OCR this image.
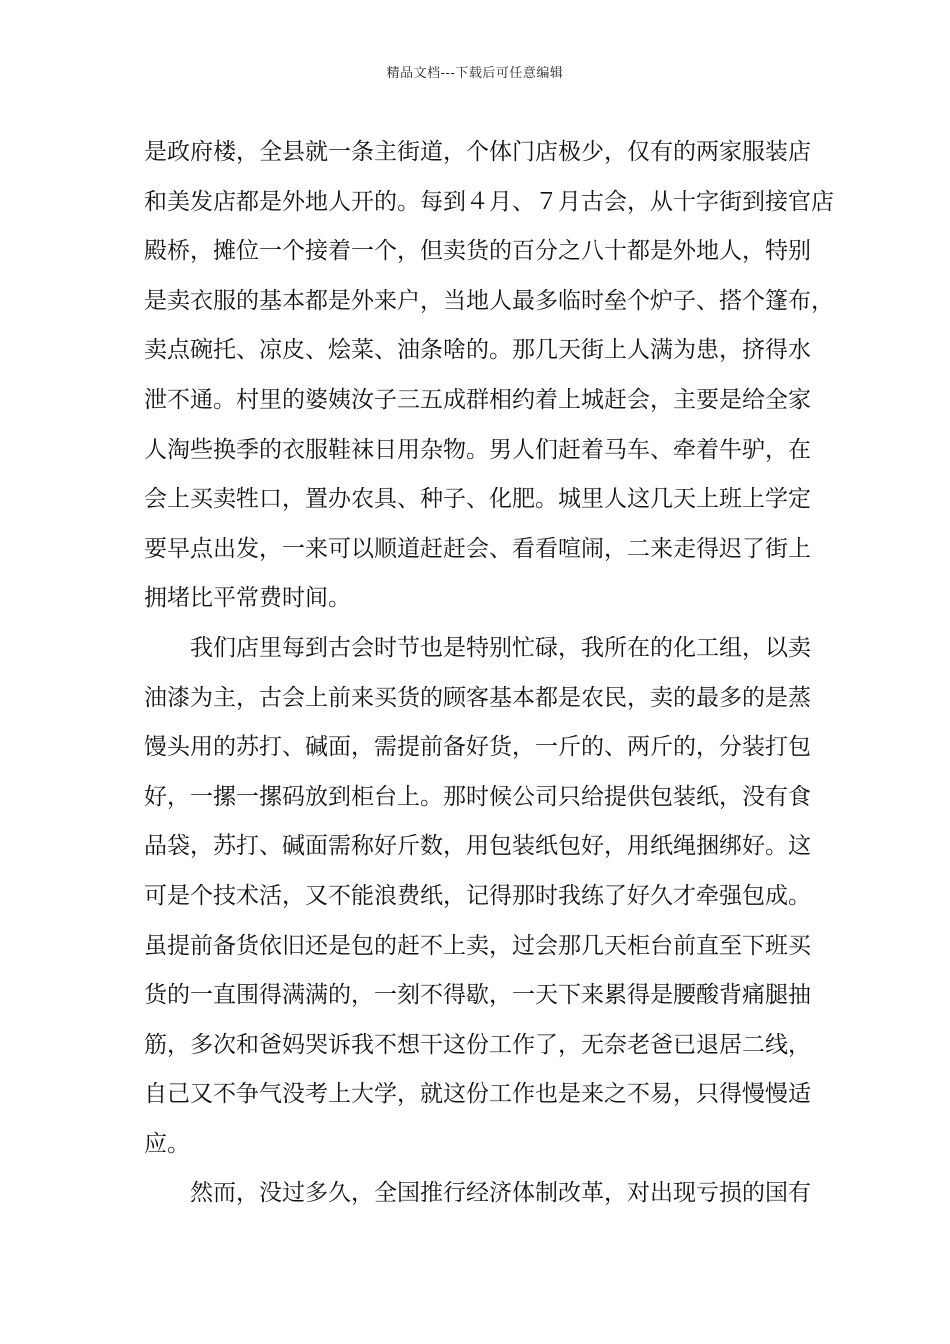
精品文档---下载后可任意编辑
是政府楼，全县就一条主街道，个体门店极少，仅有的两家服装店
和美发店都是外地人开的。每到４月、７月古会，从十字街到接官店
殿桥，摊位一个接着一个，但卖货的百分之八十都是外地人，特别
是卖衣服的基本都是外来户，当地人最多临时垒个炉子、搭个篷布，
卖点碗托、凉皮、烩菜、油条啥的。那几天街上人满为患，挤得水
泄不通。村里的婆姨汝子三五成群相约着上城赶会，主要是给全家
人淘些换季的衣服鞋袜日用杂物。男人们赶着马车、牵着牛驴，在
会上买卖牲口，置办农具、种子、化肥。城里人这几天上班上学定
要早点出发，一来可以顺道赶赶会、看看喧闹，二来走得迟了街上
拥堵比平常费时间。
　　我们店里每到古会时节也是特别忙碌，我所在的化工组，以卖
油漆为主，古会上前来买货的顾客基本都是农民，卖的最多的是蒸
馒头用的苏打、碱面，需提前备好货，一斤的、两斤的，分装打包
好，一摞一摞码放到柜台上。那时候公司只给提供包装纸，没有食
品袋，苏打、碱面需称好斤数，用包装纸包好，用纸绳捆绑好。这
可是个技术活，又不能浪费纸，记得那时我练了好久才牵强包成。
虽提前备货依旧还是包的赶不上卖，过会那几天柜台前直至下班买
货的一直围得满满的，一刻不得歇，一天下来累得是腰酸背痛腿抽
筋，多次和爸妈哭诉我不想干这份工作了，无奈老爸已退居二线，
自己又不争气没考上大学，就这份工作也是来之不易，只得慢慢适
应。
　　然而，没过多久，全国推行经济体制改革，对出现亏损的国有
